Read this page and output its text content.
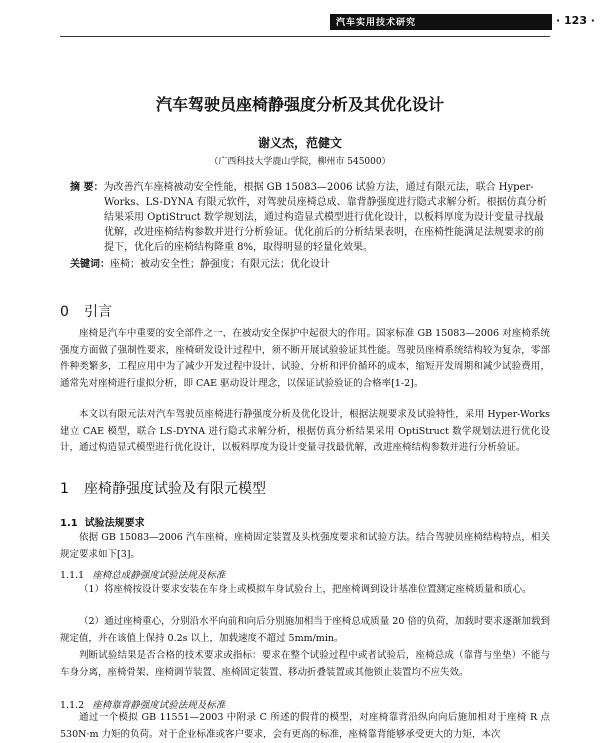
汽车实用技术研究	· 123 ·
汽车驾驶员座椅静强度分析及其优化设计
谢义杰，范健文
（广西科技大学鹿山学院，柳州市 545000）
摘 要：为改善汽车座椅被动安全性能，根据 GB 15083—2006 试验方法，通过有限元法，联合 Hyper-Works、LS-DYNA 有限元软件，对驾驶员座椅总成、靠背静强度进行隐式求解分析。根据仿真分析结果采用 OptiStruct 数学规划法，通过构造显式模型进行优化设计，以板料厚度为设计变量寻找最优解，改进座椅结构参数并进行分析验证。优化前后的分析结果表明，在座椅性能满足法规要求的前提下，优化后的座椅结构降重 8%，取得明显的轻量化效果。
关键词：座椅；被动安全性；静强度；有限元法；优化设计
0 引言

座椅是汽车中重要的安全部件之一，在被动安全保护中起很大的作用。国家标准 GB 15083—2006 对座椅系统强度方面做了强制性要求，座椅研发设计过程中，须不断开展试验验证其性能。驾驶员座椅系统结构较为复杂，零部件种类繁多，工程应用中为了减少开发过程中设计、试验、分析和评价循环的成本，缩短开发周期和减少试验费用，通常先对座椅进行虚拟分析，即 CAE 驱动设计理念，以保证试验验证的合格率[1-2]。

本文以有限元法对汽车驾驶员座椅进行静强度分析及优化设计，根据法规要求及试验特性，采用 Hyper-Works 建立 CAE 模型，联合 LS-DYNA 进行隐式求解分析，根据仿真分析结果采用 OptiStruct 数学规划法进行优化设计，通过构造显式模型进行优化设计，以板料厚度为设计变量寻找最优解，改进座椅结构参数并进行分析验证。

1 座椅静强度试验及有限元模型
1.1 试验法规要求

依据 GB 15083—2006 汽车座椅、座椅固定装置及头枕强度要求和试验方法。结合驾驶员座椅结构特点，相关规定要求如下[3]。

1.1.1 座椅总成静强度试验法规及标准

（1）将座椅按设计要求安装在车身上或模拟车身试验台上，把座椅调到设计基准位置测定座椅质量和质心。

（2）通过座椅重心，分别沿水平向前和向后分别施加相当于座椅总成质量 20 倍的负荷，加载时要求逐渐加载到规定值，并在该值上保持 0.2s 以上，加载速度不超过 5mm/min。

判断试验结果是否合格的技术要求或指标：要求在整个试验过程中或者试验后，座椅总成（靠背与坐垫）不能与车身分离，座椅骨架、座椅调节装置、座椅固定装置、移动折叠装置或其他锁止装置均不应失效。

1.1.2 座椅靠背静强度试验法规及标准

通过一个模拟 GB 11551—2003 中附录 C 所述的假背的模型，对座椅靠背沿纵向向后施加相对于座椅 R 点 530N·m 力矩的负荷。对于企业标准或客户要求，会有更高的标准，座椅靠背能够承受更大的力矩，本次
